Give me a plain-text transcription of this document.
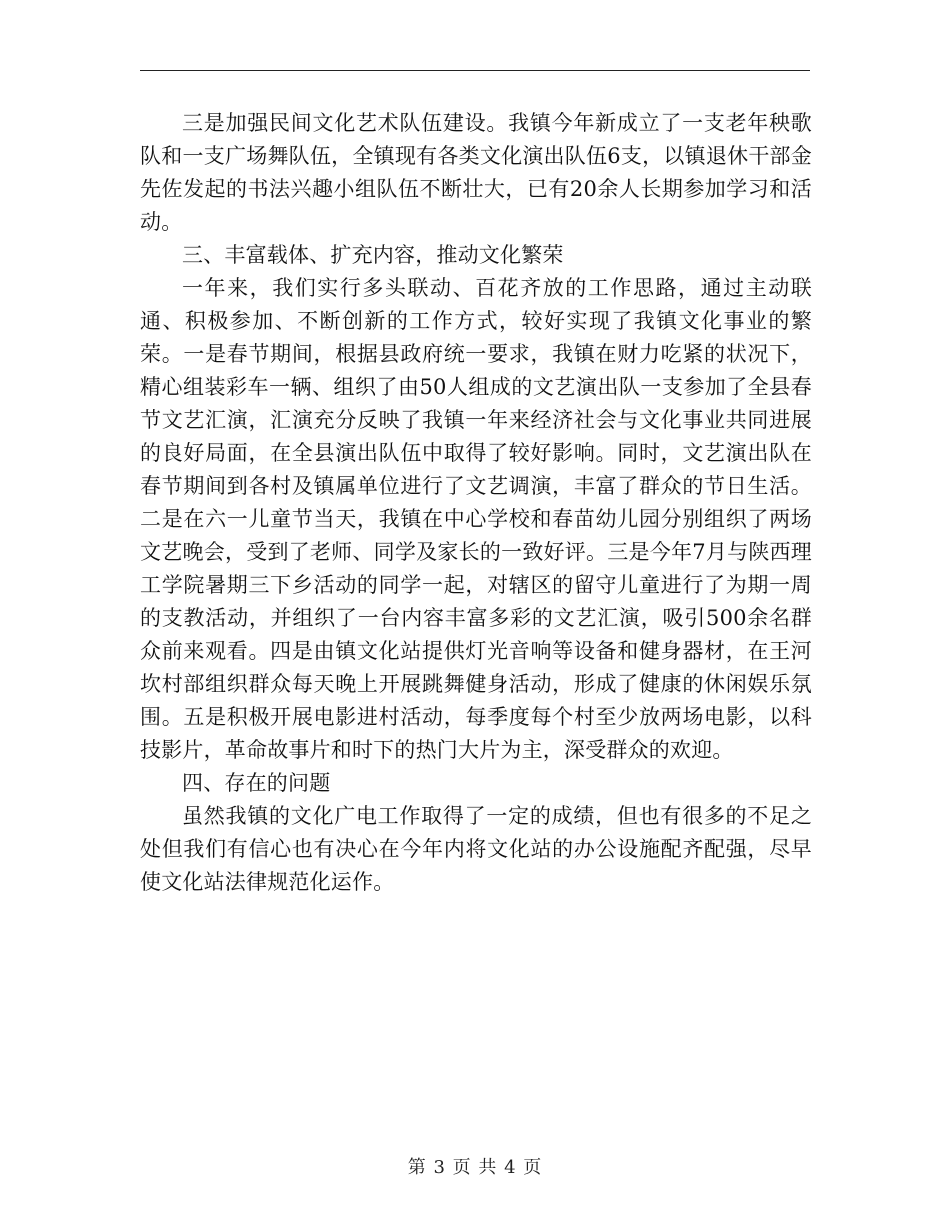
三是加强民间文化艺术队伍建设。我镇今年新成立了一支老年秧歌队和一支广场舞队伍，全镇现有各类文化演出队伍6支，以镇退休干部金先佐发起的书法兴趣小组队伍不断壮大，已有20余人长期参加学习和活动。

三、丰富载体、扩充内容，推动文化繁荣

一年来，我们实行多头联动、百花齐放的工作思路，通过主动联通、积极参加、不断创新的工作方式，较好实现了我镇文化事业的繁荣。一是春节期间，根据县政府统一要求，我镇在财力吃紧的状况下，精心组装彩车一辆、组织了由50人组成的文艺演出队一支参加了全县春节文艺汇演，汇演充分反映了我镇一年来经济社会与文化事业共同进展的良好局面，在全县演出队伍中取得了较好影响。同时，文艺演出队在春节期间到各村及镇属单位进行了文艺调演，丰富了群众的节日生活。二是在六一儿童节当天，我镇在中心学校和春苗幼儿园分别组织了两场文艺晚会，受到了老师、同学及家长的一致好评。三是今年7月与陕西理工学院暑期三下乡活动的同学一起，对辖区的留守儿童进行了为期一周的支教活动，并组织了一台内容丰富多彩的文艺汇演，吸引500余名群众前来观看。四是由镇文化站提供灯光音响等设备和健身器材，在王河坎村部组织群众每天晚上开展跳舞健身活动，形成了健康的休闲娱乐氛围。五是积极开展电影进村活动，每季度每个村至少放两场电影，以科技影片，革命故事片和时下的热门大片为主，深受群众的欢迎。

四、存在的问题

虽然我镇的文化广电工作取得了一定的成绩，但也有很多的不足之处但我们有信心也有决心在今年内将文化站的办公设施配齐配强，尽早使文化站法律规范化运作。

第 3 页 共 4 页
